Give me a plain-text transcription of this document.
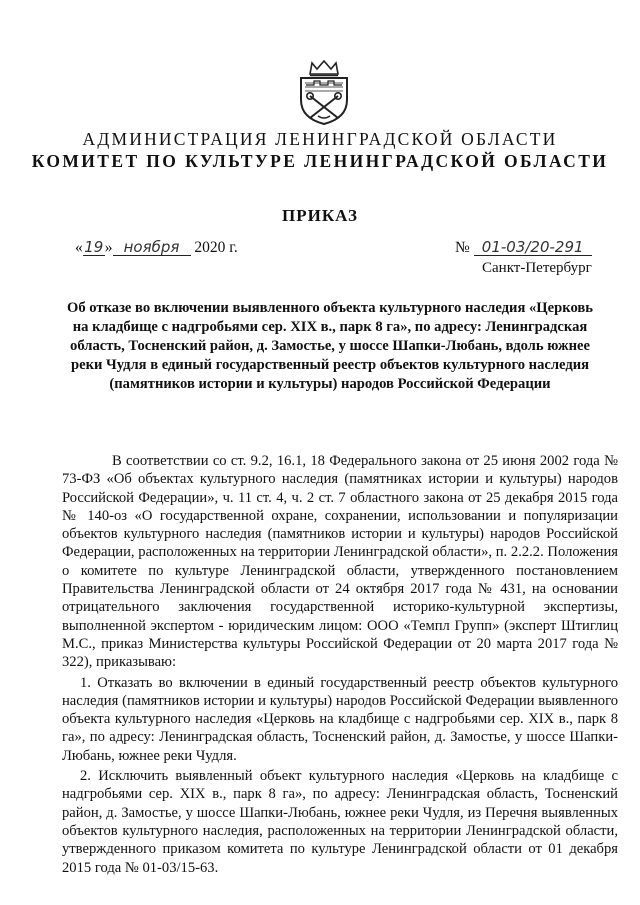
АДМИНИСТРАЦИЯ ЛЕНИНГРАДСКОЙ ОБЛАСТИ
КОМИТЕТ ПО КУЛЬТУРЕ ЛЕНИНГРАДСКОЙ ОБЛАСТИ
ПРИКАЗ
«19» ноября 2020 г.	№ 01-03/20-291
Санкт-Петербург
Об отказе во включении выявленного объекта культурного наследия «Церковь на кладбище с надгробьями сер. XIX в., парк 8 га», по адресу: Ленинградская область, Тосненский район, д. Замостье, у шоссе Шапки-Любань, вдоль южнее реки Чудля в единый государственный реестр объектов культурного наследия (памятников истории и культуры) народов Российской Федерации

В соответствии со ст. 9.2, 16.1, 18 Федерального закона от 25 июня 2002 года № 73-ФЗ «Об объектах культурного наследия (памятниках истории и культуры) народов Российской Федерации», ч. 11 ст. 4, ч. 2 ст. 7 областного закона от 25 декабря 2015 года № 140-оз «О государственной охране, сохранении, использовании и популяризации объектов культурного наследия (памятников истории и культуры) народов Российской Федерации, расположенных на территории Ленинградской области», п. 2.2.2. Положения о комитете по культуре Ленинградской области, утвержденного постановлением Правительства Ленинградской области от 24 октября 2017 года № 431, на основании отрицательного заключения государственной историко-культурной экспертизы, выполненной экспертом - юридическим лицом: ООО «Темпл Групп» (эксперт Штиглиц М.С., приказ Министерства культуры Российской Федерации от 20 марта 2017 года № 322), приказываю:

1. Отказать во включении в единый государственный реестр объектов культурного наследия (памятников истории и культуры) народов Российской Федерации выявленного объекта культурного наследия «Церковь на кладбище с надгробьями сер. XIX в., парк 8 га», по адресу: Ленинградская область, Тосненский район, д. Замостье, у шоссе Шапки-Любань, южнее реки Чудля.

2. Исключить выявленный объект культурного наследия «Церковь на кладбище с надгробьями сер. XIX в., парк 8 га», по адресу: Ленинградская область, Тосненский район, д. Замостье, у шоссе Шапки-Любань, южнее реки Чудля, из Перечня выявленных объектов культурного наследия, расположенных на территории Ленинградской области, утвержденного приказом комитета по культуре Ленинградской области от 01 декабря 2015 года № 01-03/15-63.
